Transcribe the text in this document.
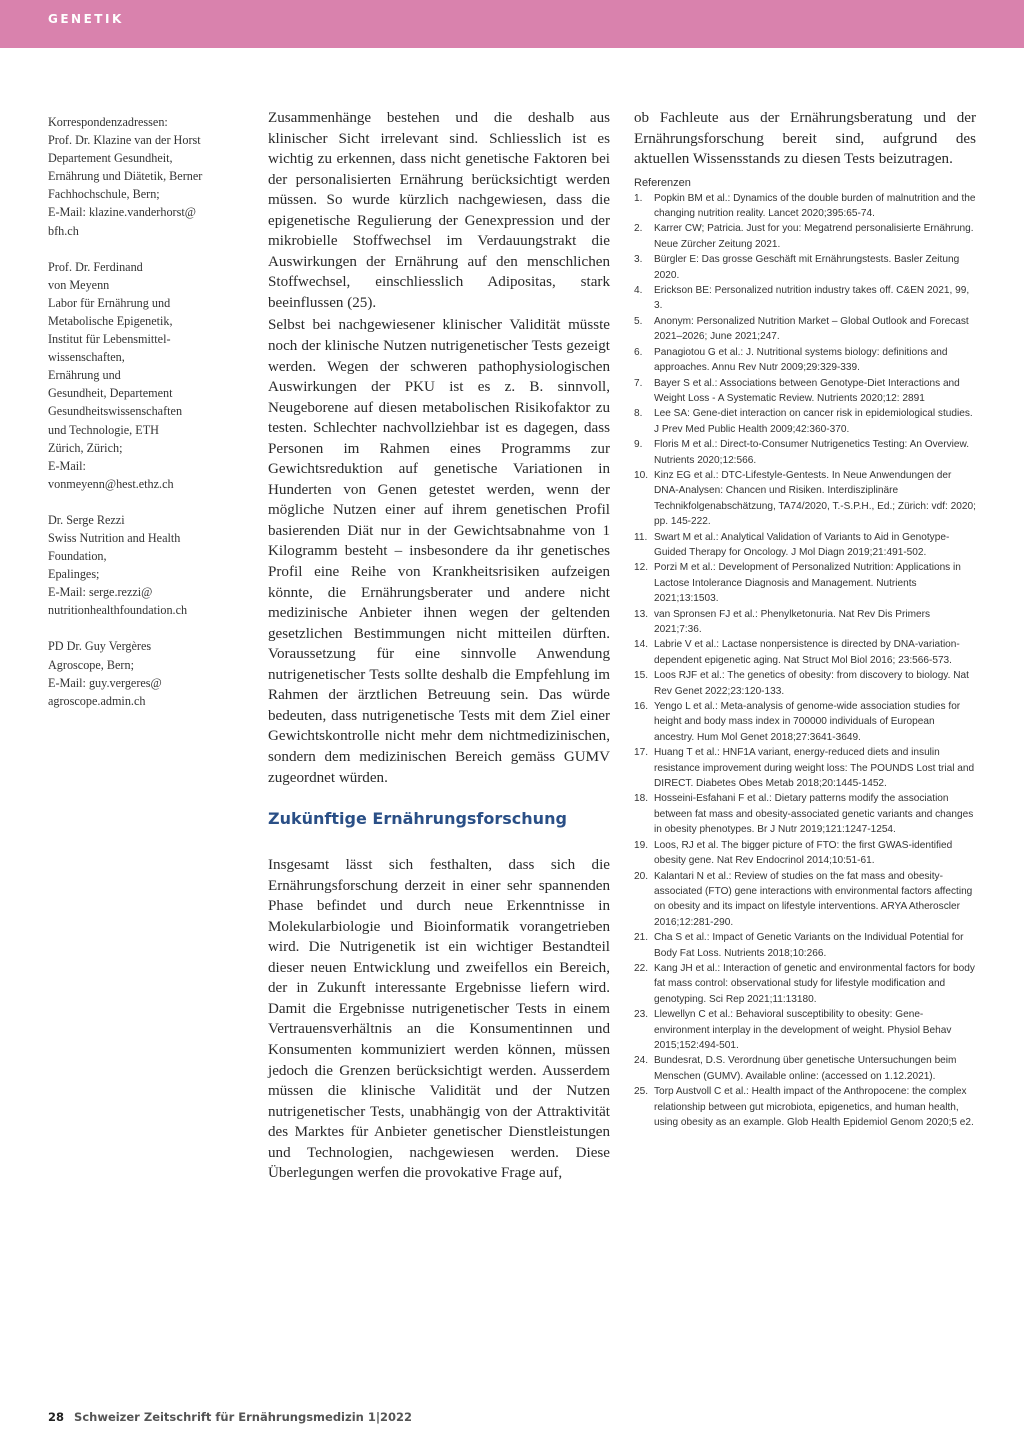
GENETIK
Korrespondenzadressen:
Prof. Dr. Klazine van der Horst
Departement Gesundheit,
Ernährung und Diätetik, Berner
Fachhochschule, Bern;
E-Mail: klazine.vanderhorst@
bfh.ch
Prof. Dr. Ferdinand
von Meyenn
Labor für Ernährung und
Metabolische Epigenetik,
Institut für Lebensmittel-
wissenschaften,
Ernährung und
Gesundheit, Departement
Gesundheitswissenschaften
und Technologie, ETH
Zürich, Zürich;
E-Mail:
vonmeyenn@hest.ethz.ch
Dr. Serge Rezzi
Swiss Nutrition and Health
Foundation,
Epalinges;
E-Mail: serge.rezzi@
nutritionhealthfoundation.ch
PD Dr. Guy Vergères
Agroscope, Bern;
E-Mail: guy.vergeres@
agroscope.admin.ch

Zusammenhänge bestehen und die deshalb aus klinischer Sicht irrelevant sind. Schliesslich ist es wichtig zu erkennen, dass nicht genetische Faktoren bei der personalisierten Ernährung berücksichtigt werden müssen. So wurde kürzlich nachgewiesen, dass die epigenetische Regulierung der Genexpression und der mikrobielle Stoffwechsel im Verdauungstrakt die Auswirkungen der Ernährung auf den menschlichen Stoffwechsel, einschliesslich Adipositas, stark beeinflussen (25).

Selbst bei nachgewiesener klinischer Validität müsste noch der klinische Nutzen nutrigenetischer Tests gezeigt werden. Wegen der schweren pathophysiologischen Auswirkungen der PKU ist es z. B. sinnvoll, Neugeborene auf diesen metabolischen Risikofaktor zu testen. Schlechter nachvollziehbar ist es dagegen, dass Personen im Rahmen eines Programms zur Gewichtsreduktion auf genetische Variationen in Hunderten von Genen getestet werden, wenn der mögliche Nutzen einer auf ihrem genetischen Profil basierenden Diät nur in der Gewichtsabnahme von 1 Kilogramm besteht – insbesondere da ihr genetisches Profil eine Reihe von Krankheitsrisiken aufzeigen könnte, die Ernährungsberater und andere nicht medizinische Anbieter ihnen wegen der geltenden gesetzlichen Bestimmungen nicht mitteilen dürften. Voraussetzung für eine sinnvolle Anwendung nutrigenetischer Tests sollte deshalb die Empfehlung im Rahmen der ärztlichen Betreuung sein. Das würde bedeuten, dass nutrigenetische Tests mit dem Ziel einer Gewichtskontrolle nicht mehr dem nichtmedizinischen, sondern dem medizinischen Bereich gemäss GUMV zugeordnet würden.

Zukünftige Ernährungsforschung

Insgesamt lässt sich festhalten, dass sich die Ernährungsforschung derzeit in einer sehr spannenden Phase befindet und durch neue Erkenntnisse in Molekularbiologie und Bioinformatik vorangetrieben wird. Die Nutrigenetik ist ein wichtiger Bestandteil dieser neuen Entwicklung und zweifellos ein Bereich, der in Zukunft interessante Ergebnisse liefern wird. Damit die Ergebnisse nutrigenetischer Tests in einem Vertrauensverhältnis an die Konsumentinnen und Konsumenten kommuniziert werden können, müssen jedoch die Grenzen berücksichtigt werden. Ausserdem müssen die klinische Validität und der Nutzen nutrigenetischer Tests, unabhängig von der Attraktivität des Marktes für Anbieter genetischer Dienstleistungen und Technologien, nachgewiesen werden. Diese Überlegungen werfen die provokative Frage auf,

ob Fachleute aus der Ernährungsberatung und der Ernährungsforschung bereit sind, aufgrund des aktuellen Wissensstands zu diesen Tests beizutragen.

Referenzen
1.	Popkin BM et al.: Dynamics of the double burden of malnutrition and the changing nutrition reality. Lancet 2020;395:65-74.
2.	Karrer CW; Patricia. Just for you: Megatrend personalisierte Ernährung. Neue Zürcher Zeitung 2021.
3.	Bürgler E: Das grosse Geschäft mit Ernährungstests. Basler Zeitung 2020.
4.	Erickson BE: Personalized nutrition industry takes off. C&EN 2021, 99, 3.
5.	Anonym: Personalized Nutrition Market – Global Outlook and Forecast 2021–2026; June 2021;247.
6.	Panagiotou G et al.: J. Nutritional systems biology: definitions and approaches. Annu Rev Nutr 2009;29:329-339.
7.	Bayer S et al.: Associations between Genotype-Diet Interactions and Weight Loss - A Systematic Review. Nutrients 2020;12: 2891
8.	Lee SA: Gene-diet interaction on cancer risk in epidemiological studies. J Prev Med Public Health 2009;42:360-370.
9.	Floris M et al.: Direct-to-Consumer Nutrigenetics Testing: An Overview. Nutrients 2020;12:566.
10. Kinz EG et al.: DTC-Lifestyle-Gentests. In Neue Anwendungen der DNA-Analysen: Chancen und Risiken. Interdisziplinäre Technikfolgenabschätzung, TA74/2020, T.-S.P.H., Ed.; Zürich: vdf: 2020; pp. 145-222.
11. Swart M et al.: Analytical Validation of Variants to Aid in Genotype-Guided Therapy for Oncology. J Mol Diagn 2019;21:491-502.
12. Porzi M et al.: Development of Personalized Nutrition: Applications in Lactose Intolerance Diagnosis and Management. Nutrients 2021;13:1503.
13. van Spronsen FJ et al.: Phenylketonuria. Nat Rev Dis Primers 2021;7:36.
14. Labrie V et al.: Lactase nonpersistence is directed by DNA-variation-dependent epigenetic aging. Nat Struct Mol Biol 2016; 23:566-573.
15. Loos RJF et al.: The genetics of obesity: from discovery to biology. Nat Rev Genet 2022;23:120-133.
16. Yengo L et al.: Meta-analysis of genome-wide association studies for height and body mass index in 700000 individuals of European ancestry. Hum Mol Genet 2018;27:3641-3649.
17. Huang T et al.: HNF1A variant, energy-reduced diets and insulin resistance improvement during weight loss: The POUNDS Lost trial and DIRECT. Diabetes Obes Metab 2018;20:1445-1452.
18. Hosseini-Esfahani F et al.: Dietary patterns modify the association between fat mass and obesity-associated genetic variants and changes in obesity phenotypes. Br J Nutr 2019;121:1247-1254.
19. Loos, RJ et al. The bigger picture of FTO: the first GWAS-identified obesity gene. Nat Rev Endocrinol 2014;10:51-61.
20. Kalantari N et al.: Review of studies on the fat mass and obesity-associated (FTO) gene interactions with environmental factors affecting on obesity and its impact on lifestyle interventions. ARYA Atheroscler 2016;12:281-290.
21. Cha S et al.: Impact of Genetic Variants on the Individual Potential for Body Fat Loss. Nutrients 2018;10:266.
22. Kang JH et al.: Interaction of genetic and environmental factors for body fat mass control: observational study for lifestyle modification and genotyping. Sci Rep 2021;11:13180.
23. Llewellyn C et al.: Behavioral susceptibility to obesity: Gene-environment interplay in the development of weight. Physiol Behav 2015;152:494-501.
24. Bundesrat, D.S. Verordnung über genetische Untersuchungen beim Menschen (GUMV). Available online: (accessed on 1.12.2021).
25. Torp Austvoll C et al.: Health impact of the Anthropocene: the complex relationship between gut microbiota, epigenetics, and human health, using obesity as an example. Glob Health Epidemiol Genom 2020;5 e2.
28 Schweizer Zeitschrift für Ernährungsmedizin 1|2022
